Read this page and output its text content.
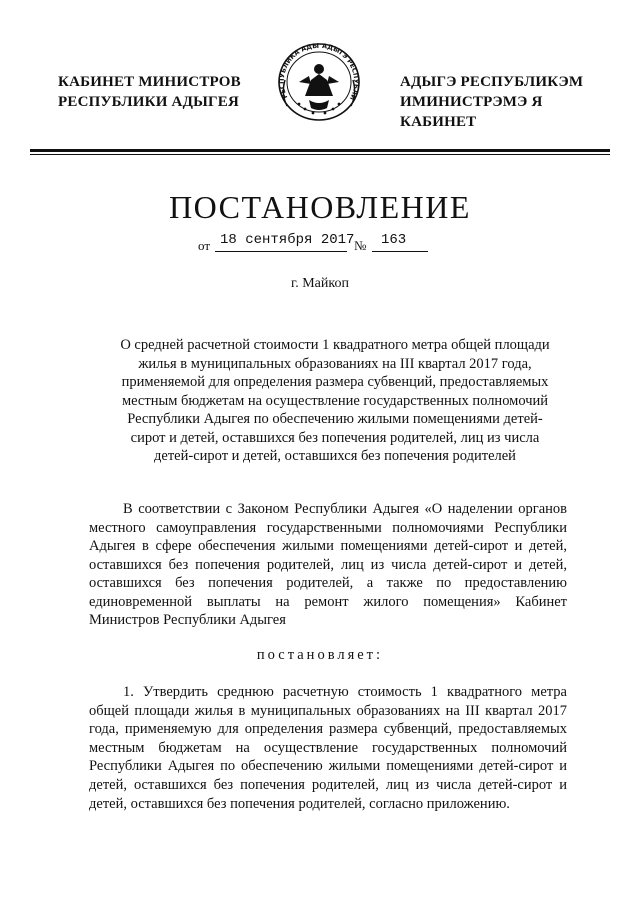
КАБИНЕТ МИНИСТРОВ
РЕСПУБЛИКИ АДЫГЕЯ	РЕСПУБЛИКА АДЫ АДЫГЭ РЕСПУБЛИ
АДЫГЭ РЕСПУБЛИКЭМ
ИМИНИСТРЭМЭ Я КАБИНЕТ
ПОСТАНОВЛЕНИЕ
от 18 сентября 2017 № 163
г. Майкоп
О средней расчетной стоимости 1 квадратного метра общей площади жилья в муниципальных образованиях на III квартал 2017 года, применяемой для определения размера субвенций, предоставляемых местным бюджетам на осуществление государственных полномочий Республики Адыгея по обеспечению жилыми помещениями детей-сирот и детей, оставшихся без попечения родителей, лиц из числа детей-сирот и детей, оставшихся без попечения родителей
В соответствии с Законом Республики Адыгея «О наделении органов местного самоуправления государственными полномочиями Республики Адыгея в сфере обеспечения жилыми помещениями детей-сирот и детей, оставшихся без попечения родителей, лиц из числа детей-сирот и детей, оставшихся без попечения родителей, а также по предоставлению единовременной выплаты на ремонт жилого помещения» Кабинет Министров Республики Адыгея
постановляет:
1. Утвердить среднюю расчетную стоимость 1 квадратного метра общей площади жилья в муниципальных образованиях на III квартал 2017 года, применяемую для определения размера субвенций, предоставляемых местным бюджетам на осуществление государственных полномочий Республики Адыгея по обеспечению жилыми помещениями детей-сирот и детей, оставшихся без попечения родителей, лиц из числа детей-сирот и детей, оставшихся без попечения родителей, согласно приложению.
